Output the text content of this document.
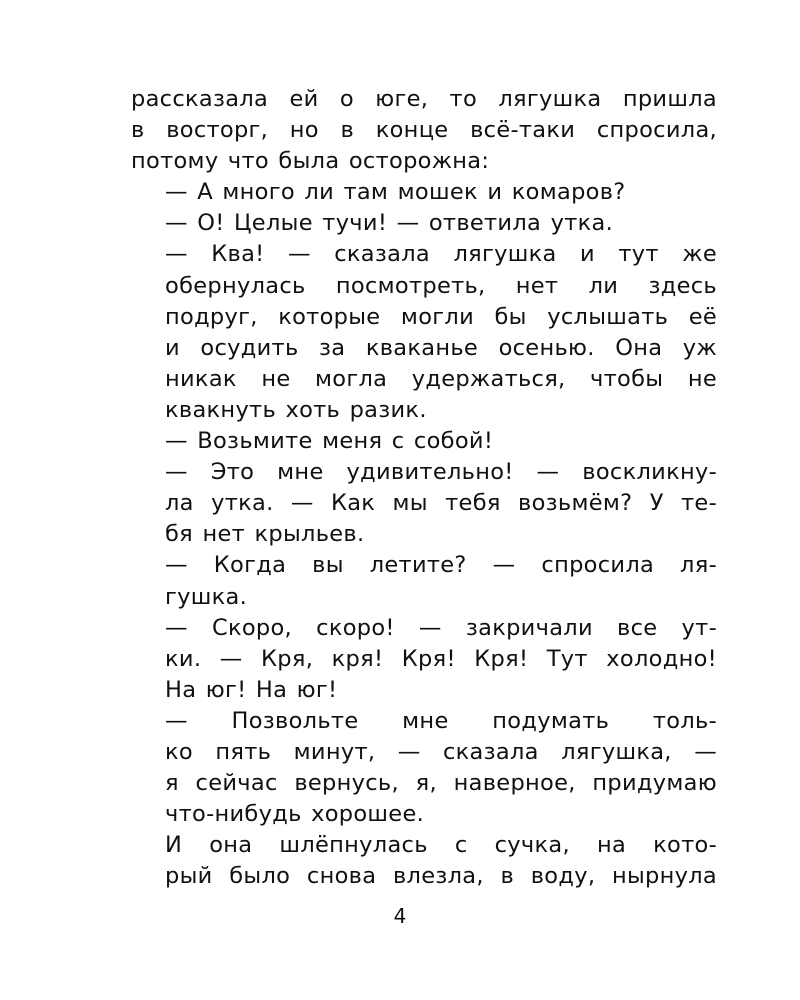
рассказала ей о юге, то лягушка пришла
в восторг, но в конце всё-таки спросила,
потому что была осторожна:

— А много ли там мошек и комаров?

— О! Целые тучи! — ответила утка.

— Ква! — сказала лягушка и тут же
обернулась посмотреть, нет ли здесь
подруг, которые могли бы услышать её
и осудить за кваканье осенью. Она уж
никак не могла удержаться, чтобы не
квакнуть хоть разик.

— Возьмите меня с собой!

— Это мне удивительно! — воскликну-
ла утка. — Как мы тебя возьмём? У те-
бя нет крыльев.

— Когда вы летите? — спросила ля-
гушка.

— Скоро, скоро! — закричали все ут-
ки. — Кря, кря! Кря! Кря! Тут холодно!
На юг! На юг!

— Позвольте мне подумать толь-
ко пять минут, — сказала лягушка, —
я сейчас вернусь, я, наверное, придумаю
что-нибудь хорошее.

И она шлёпнулась с сучка, на кото-
рый было снова влезла, в воду, нырнула

4
